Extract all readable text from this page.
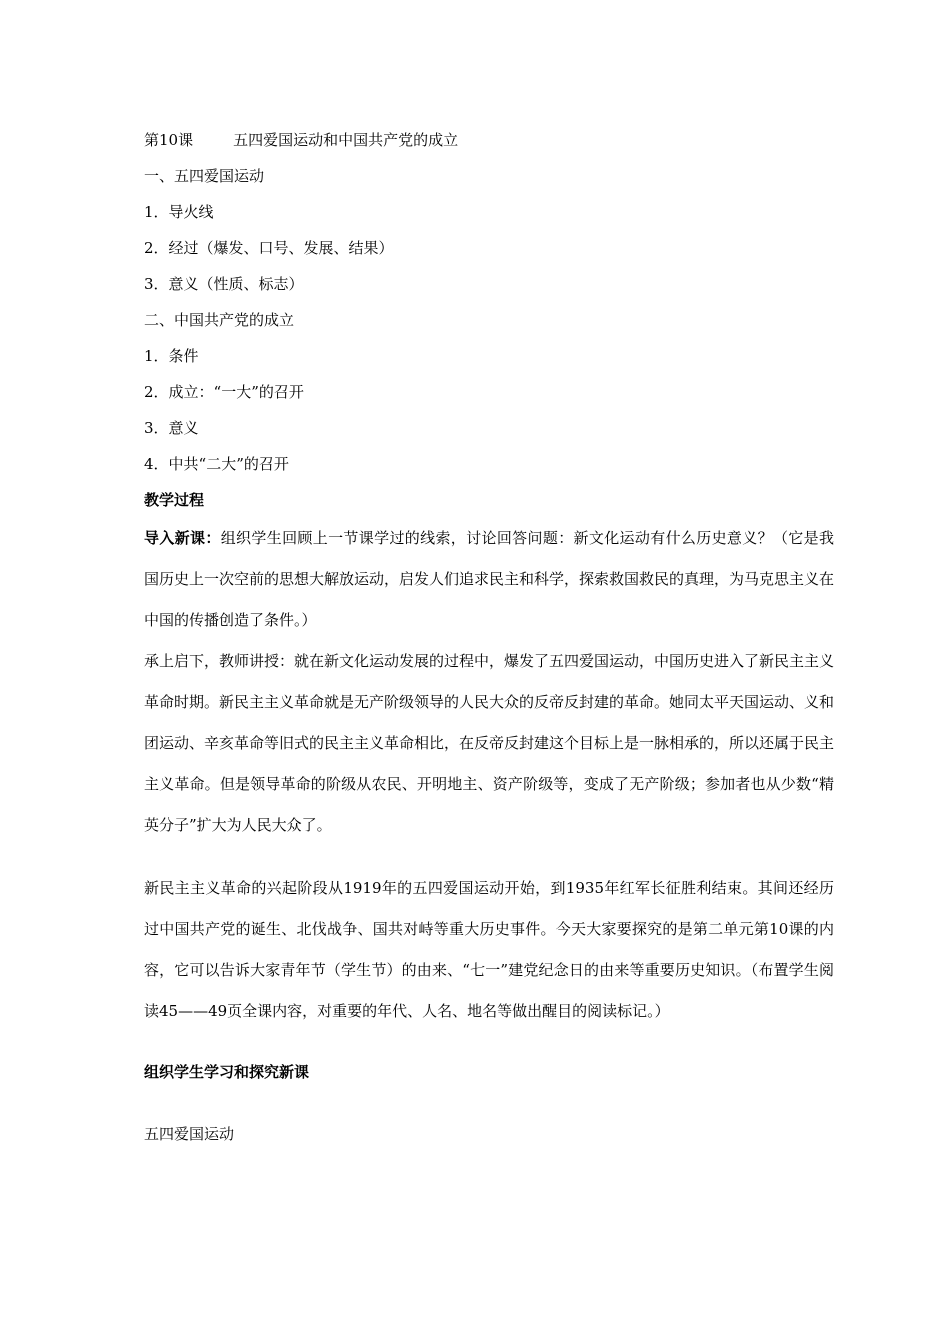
第10课	五四爱国运动和中国共产党的成立
一、五四爱国运动
1．导火线
2．经过（爆发、口号、发展、结果）
3．意义（性质、标志）
二、中国共产党的成立
1．条件
2．成立：“一大”的召开
3．意义
4．中共“二大”的召开
教学过程
导入新课：组织学生回顾上一节课学过的线索，讨论回答问题：新文化运动有什么历史意义？（它是我国历史上一次空前的思想大解放运动，启发人们追求民主和科学，探索救国救民的真理，为马克思主义在中国的传播创造了条件。）
承上启下，教师讲授：就在新文化运动发展的过程中，爆发了五四爱国运动，中国历史进入了新民主主义革命时期。新民主主义革命就是无产阶级领导的人民大众的反帝反封建的革命。她同太平天国运动、义和团运动、辛亥革命等旧式的民主主义革命相比，在反帝反封建这个目标上是一脉相承的，所以还属于民主主义革命。但是领导革命的阶级从农民、开明地主、资产阶级等，变成了无产阶级；参加者也从少数“精英分子”扩大为人民大众了。
新民主主义革命的兴起阶段从1919年的五四爱国运动开始，到1935年红军长征胜利结束。其间还经历过中国共产党的诞生、北伐战争、国共对峙等重大历史事件。今天大家要探究的是第二单元第10课的内容，它可以告诉大家青年节（学生节）的由来、“七一”建党纪念日的由来等重要历史知识。（布置学生阅读45——49页全课内容，对重要的年代、人名、地名等做出醒目的阅读标记。）
组织学生学习和探究新课
五四爱国运动
